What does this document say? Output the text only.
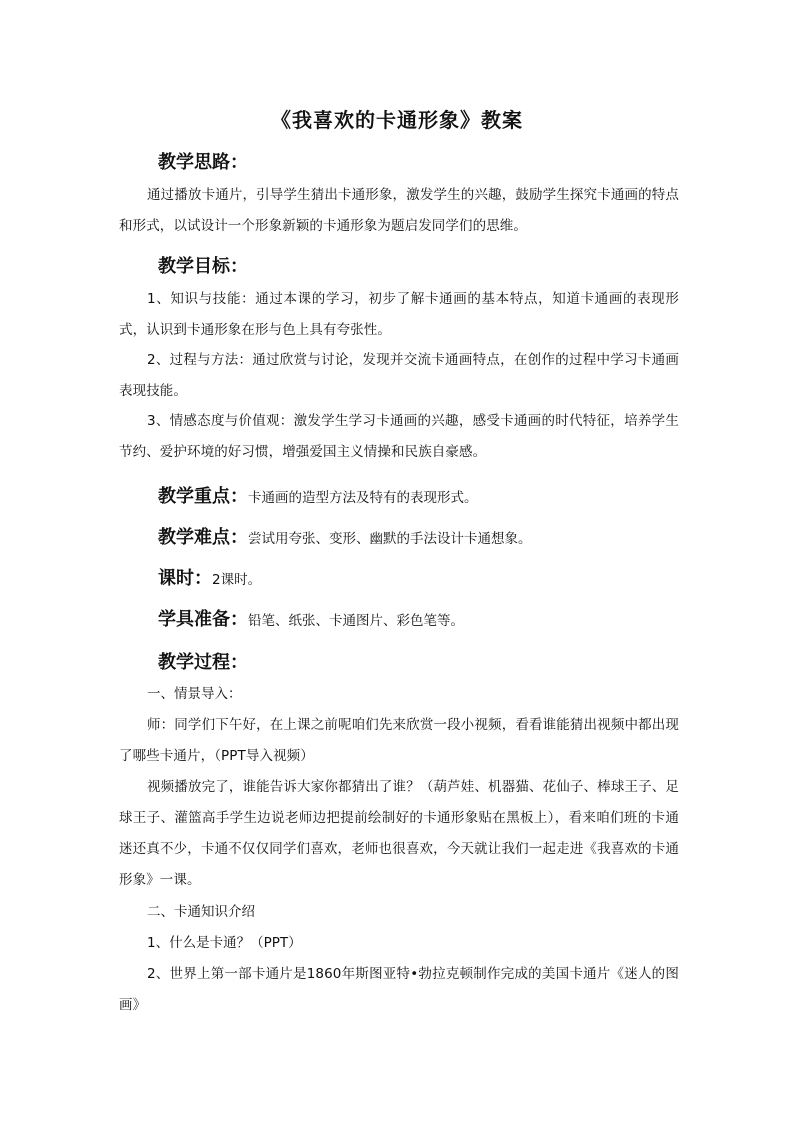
《我喜欢的卡通形象》教案
教学思路：
通过播放卡通片，引导学生猜出卡通形象，激发学生的兴趣，鼓励学生探究卡通画的特点和形式，以试设计一个形象新颖的卡通形象为题启发同学们的思维。
教学目标：
1、知识与技能：通过本课的学习，初步了解卡通画的基本特点，知道卡通画的表现形式，认识到卡通形象在形与色上具有夸张性。
2、过程与方法：通过欣赏与讨论，发现并交流卡通画特点，在创作的过程中学习卡通画表现技能。
3、情感态度与价值观：激发学生学习卡通画的兴趣，感受卡通画的时代特征，培养学生节约、爱护环境的好习惯，增强爱国主义情操和民族自豪感。
教学重点：卡通画的造型方法及特有的表现形式。
教学难点：尝试用夸张、变形、幽默的手法设计卡通想象。
课时：2课时。
学具准备：铅笔、纸张、卡通图片、彩色笔等。
教学过程：
一、情景导入：
师：同学们下午好，在上课之前呢咱们先来欣赏一段小视频，看看谁能猜出视频中都出现了哪些卡通片，（PPT导入视频）
视频播放完了，谁能告诉大家你都猜出了谁？（葫芦娃、机器猫、花仙子、棒球王子、足球王子、灌篮高手学生边说老师边把提前绘制好的卡通形象贴在黑板上），看来咱们班的卡通迷还真不少，卡通不仅仅同学们喜欢，老师也很喜欢，今天就让我们一起走进《我喜欢的卡通形象》一课。
二、卡通知识介绍
1、什么是卡通？（PPT）
2、世界上第一部卡通片是1860年斯图亚特•勃拉克顿制作完成的美国卡通片《迷人的图画》
